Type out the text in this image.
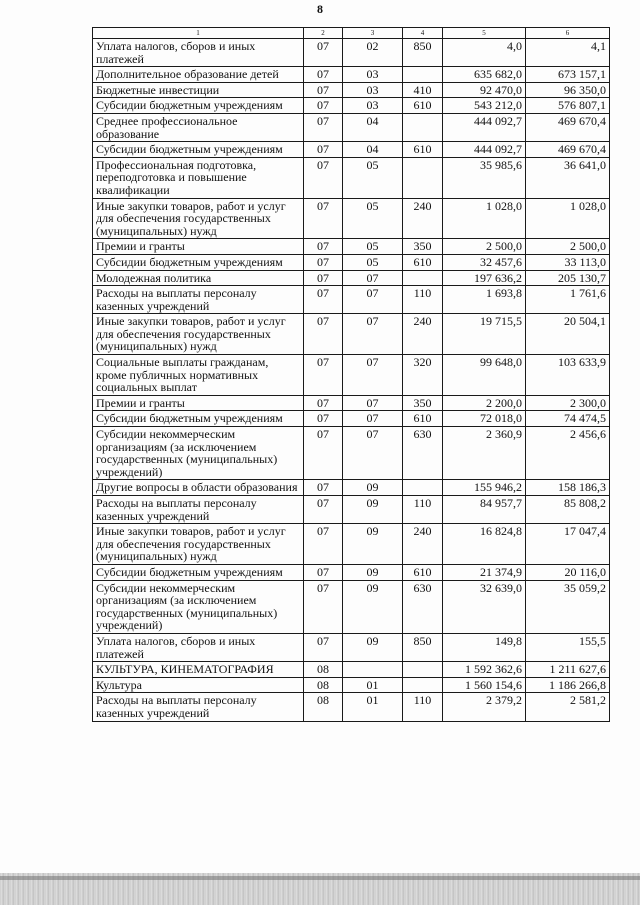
8
1	2	3	4	5	6
Уплата налогов, сборов и иных платежей	07	02	850	4,0	4,1
Дополнительное образование детей	07	03		635 682,0	673 157,1
Бюджетные инвестиции	07	03	410	92 470,0	96 350,0
Субсидии бюджетным учреждениям	07	03	610	543 212,0	576 807,1
Среднее профессиональное образование	07	04		444 092,7	469 670,4
Субсидии бюджетным учреждениям	07	04	610	444 092,7	469 670,4
Профессиональная подготовка, переподготовка и повышение квалификации	07	05		35 985,6	36 641,0
Иные закупки товаров, работ и услуг для обеспечения государственных (муниципальных) нужд	07	05	240	1 028,0	1 028,0
Премии и гранты	07	05	350	2 500,0	2 500,0
Субсидии бюджетным учреждениям	07	05	610	32 457,6	33 113,0
Молодежная политика	07	07		197 636,2	205 130,7
Расходы на выплаты персоналу казенных учреждений	07	07	110	1 693,8	1 761,6
Иные закупки товаров, работ и услуг для обеспечения государственных (муниципальных) нужд	07	07	240	19 715,5	20 504,1
Социальные выплаты гражданам, кроме публичных нормативных социальных выплат	07	07	320	99 648,0	103 633,9
Премии и гранты	07	07	350	2 200,0	2 300,0
Субсидии бюджетным учреждениям	07	07	610	72 018,0	74 474,5
Субсидии некоммерческим организациям (за исключением государственных (муниципальных) учреждений)	07	07	630	2 360,9	2 456,6
Другие вопросы в области образования	07	09		155 946,2	158 186,3
Расходы на выплаты персоналу казенных учреждений	07	09	110	84 957,7	85 808,2
Иные закупки товаров, работ и услуг для обеспечения государственных (муниципальных) нужд	07	09	240	16 824,8	17 047,4
Субсидии бюджетным учреждениям	07	09	610	21 374,9	20 116,0
Субсидии некоммерческим организациям (за исключением государственных (муниципальных) учреждений)	07	09	630	32 639,0	35 059,2
Уплата налогов, сборов и иных платежей	07	09	850	149,8	155,5
КУЛЬТУРА, КИНЕМАТОГРАФИЯ	08			1 592 362,6	1 211 627,6
Культура	08	01		1 560 154,6	1 186 266,8
Расходы на выплаты персоналу казенных учреждений	08	01	110	2 379,2	2 581,2
